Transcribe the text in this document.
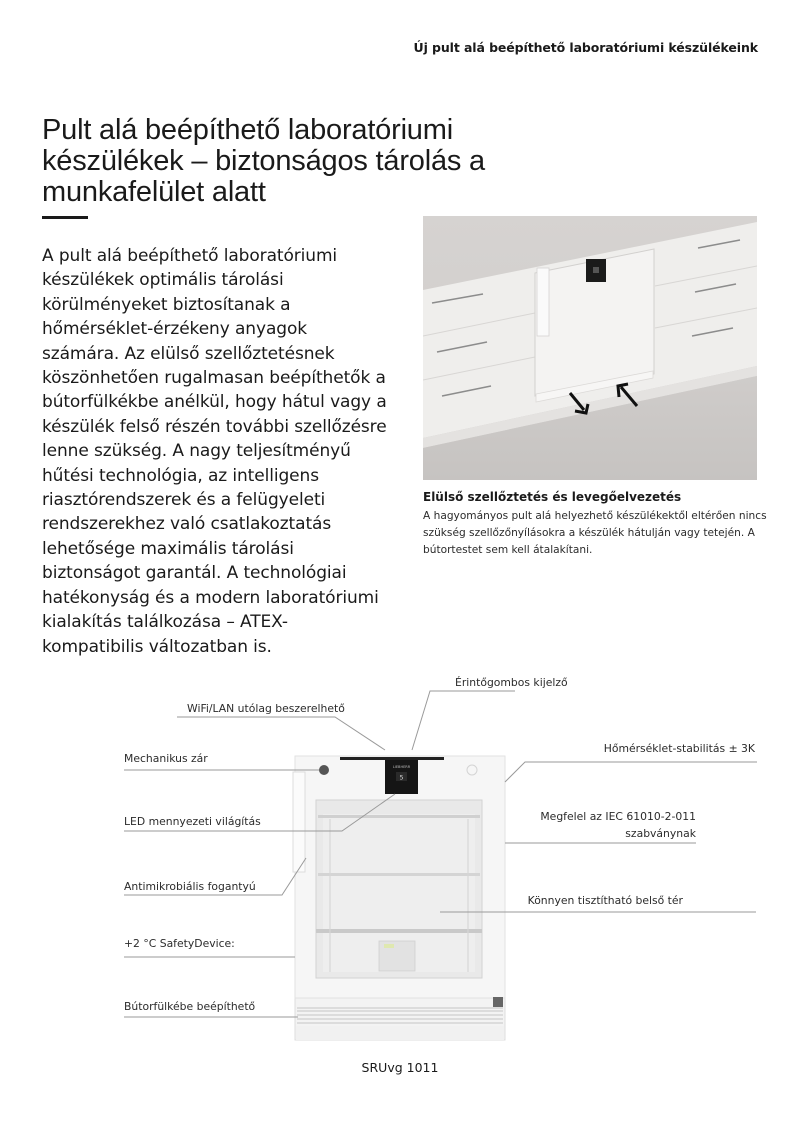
Új pult alá beépíthető laboratóriumi készülékeink
Pult alá beépíthető laboratóriumi készülékek – biztonságos tárolás a munkafelület alatt

A pult alá beépíthető laboratóriumi készülékek optimális tárolási körülményeket biztosítanak a hőmérséklet-érzékeny anyagok számára. Az elülső szellőztetésnek köszönhetően rugalmasan beépíthetők a bútorfülkékbe anélkül, hogy hátul vagy a készülék felső részén további szellőzésre lenne szükség. A nagy teljesítményű hűtési technológia, az intelligens riasztórendszerek és a felügyeleti rendszerekhez való csatlakoztatás lehetősége maximális tárolási biztonságot garantál. A technológiai hatékonyság és a modern laboratóriumi kialakítás találkozása – ATEX-kompatibilis változatban is.

Elülső szellőztetés és levegőelvezetés

A hagyományos pult alá helyezhető készülékektől eltérően nincs szükség szellőzőnyílásokra a készülék hátulján vagy tetején. A bútortestet sem kell átalakítani.

LIEBHERR
5
Érintőgombos kijelző
WiFi/LAN utólag beszerelhető
Mechanikus zár
Hőmérséklet-stabilitás ± 3K
LED mennyezeti világítás	Megfelel az IEC 61010-2-011
szabványnak
Antimikrobiális fogantyú
Könnyen tisztítható belső tér
+2 °C SafetyDevice:
Bútorfülkébe beépíthető
SRUvg 1011
